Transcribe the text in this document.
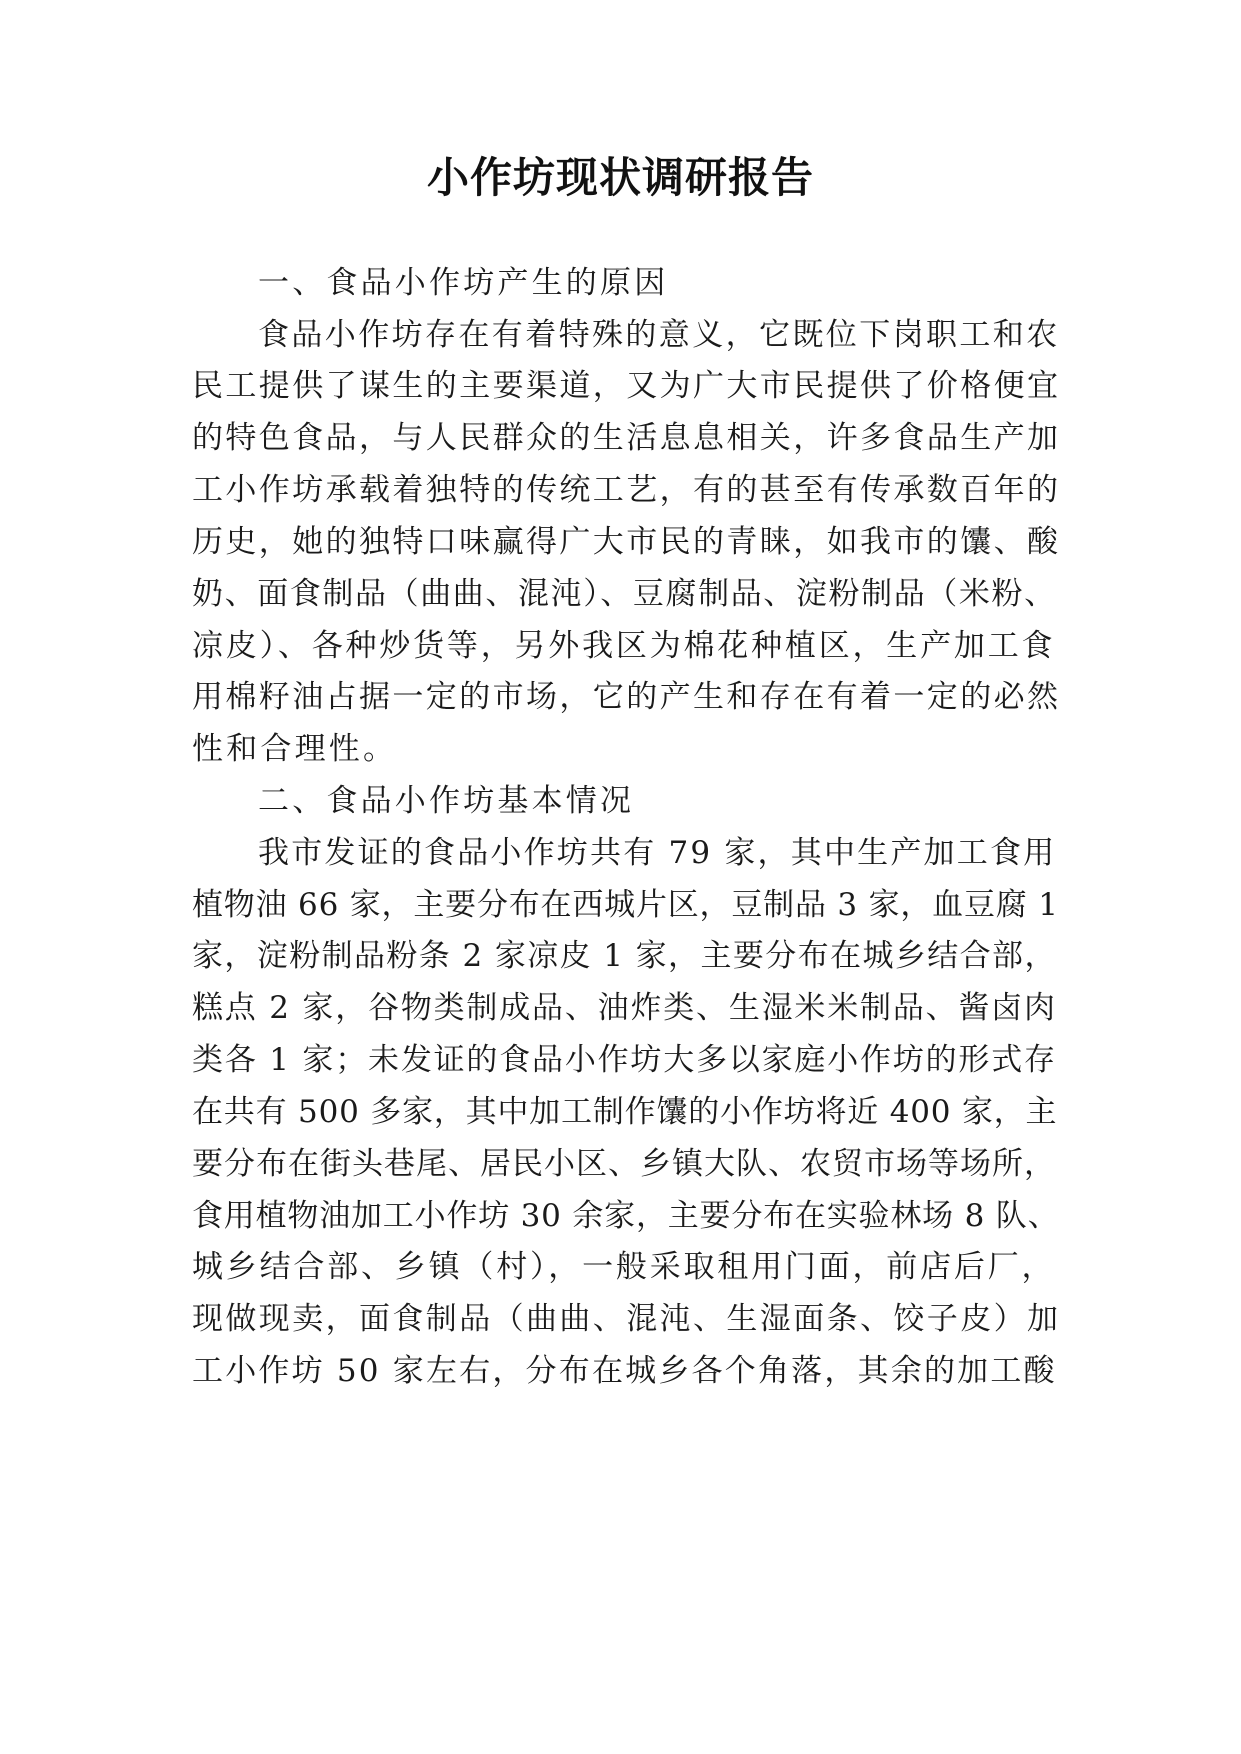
小作坊现状调研报告
一、食品小作坊产生的原因
食品小作坊存在有着特殊的意义，它既位下岗职工和农
民工提供了谋生的主要渠道，又为广大市民提供了价格便宜
的特色食品，与人民群众的生活息息相关，许多食品生产加
工小作坊承载着独特的传统工艺，有的甚至有传承数百年的
历史，她的独特口味赢得广大市民的青睐，如我市的馕、酸
奶、面食制品（曲曲、混沌）、豆腐制品、淀粉制品（米粉、
凉皮）、各种炒货等，另外我区为棉花种植区，生产加工食
用棉籽油占据一定的市场，它的产生和存在有着一定的必然
性和合理性。
二、食品小作坊基本情况
我市发证的食品小作坊共有 79 家，其中生产加工食用
植物油 66 家，主要分布在西城片区，豆制品 3 家，血豆腐 1
家，淀粉制品粉条 2 家凉皮 1 家，主要分布在城乡结合部，
糕点 2 家，谷物类制成品、油炸类、生湿米米制品、酱卤肉
类各 1 家；未发证的食品小作坊大多以家庭小作坊的形式存
在共有 500 多家，其中加工制作馕的小作坊将近 400 家，主
要分布在街头巷尾、居民小区、乡镇大队、农贸市场等场所，
食用植物油加工小作坊 30 余家，主要分布在实验林场 8 队、
城乡结合部、乡镇（村），一般采取租用门面，前店后厂，
现做现卖，面食制品（曲曲、混沌、生湿面条、饺子皮）加
工小作坊 50 家左右，分布在城乡各个角落，其余的加工酸
